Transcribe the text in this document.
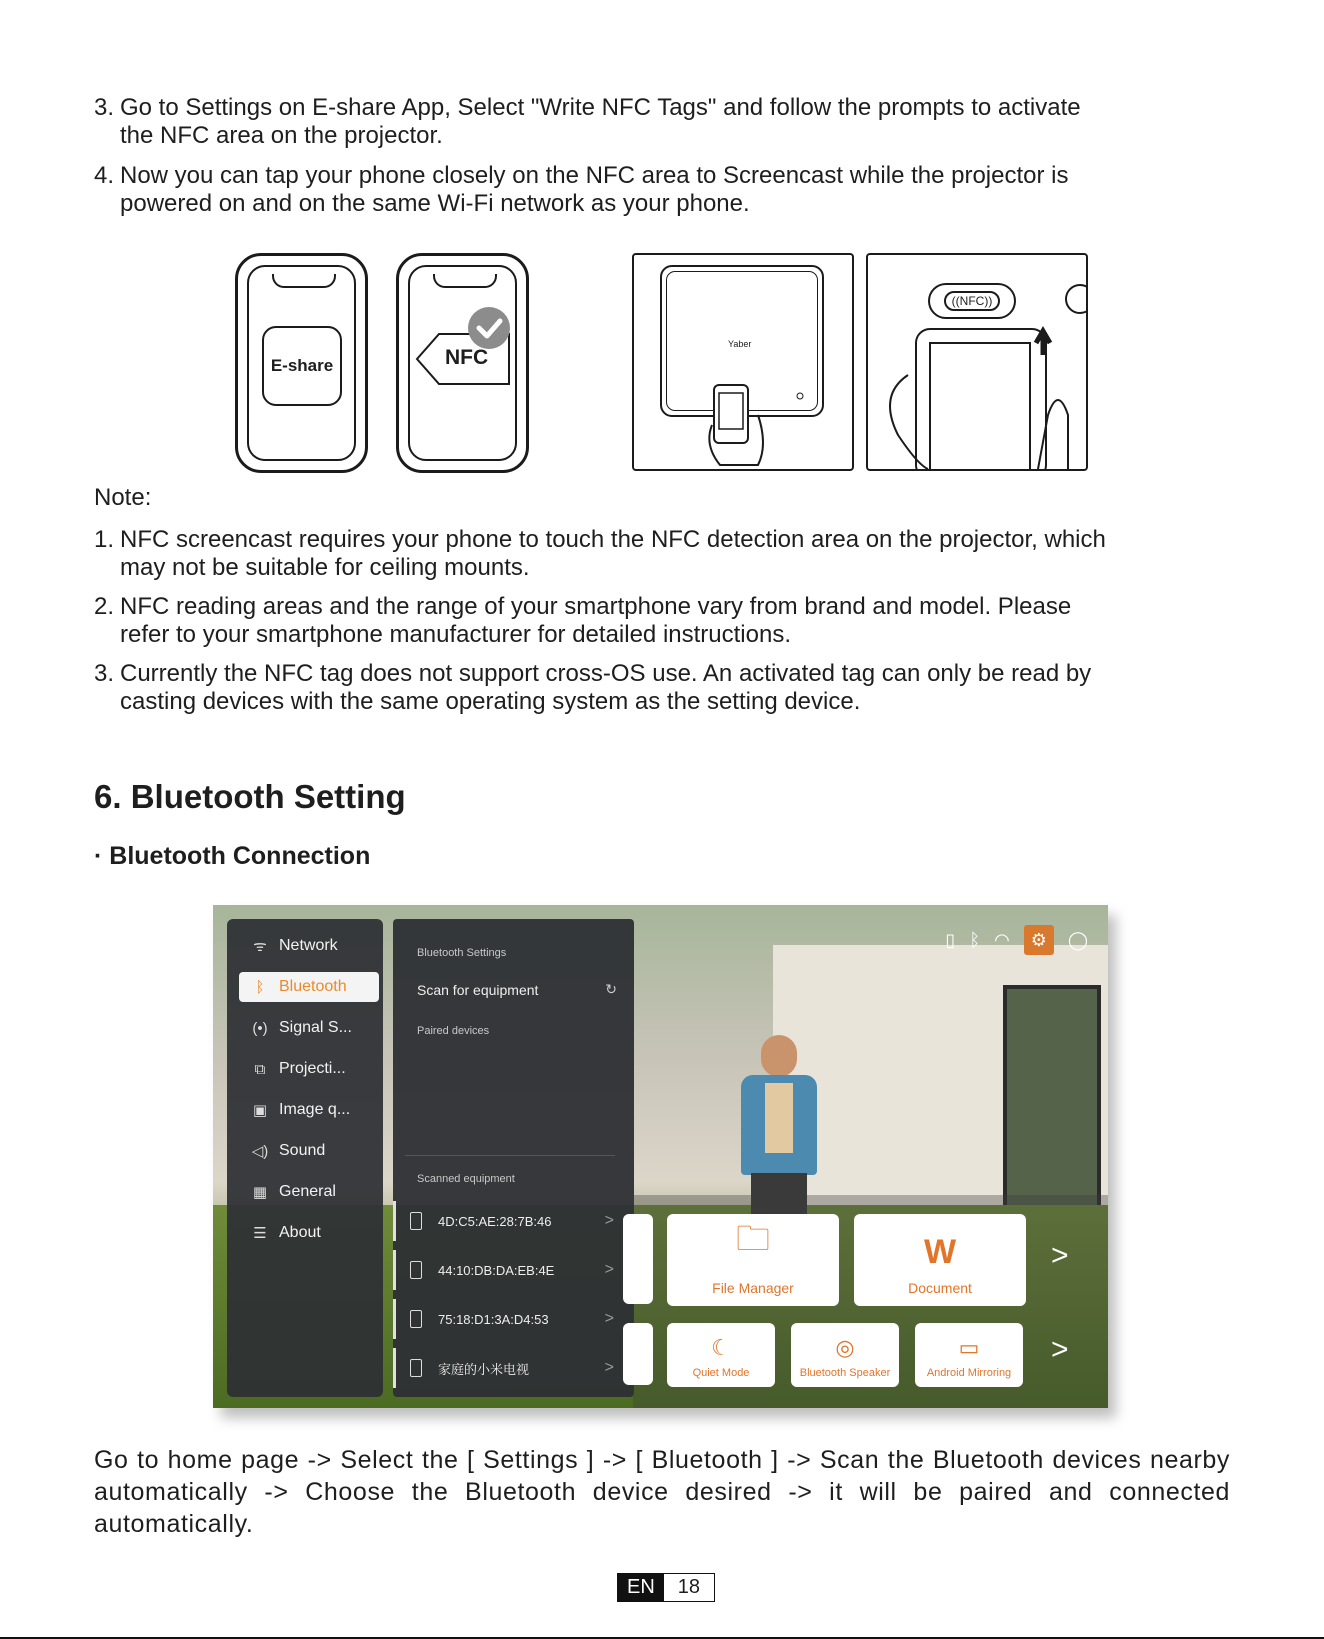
3. Go to Settings on E-share App, Select "Write NFC Tags" and follow the prompts to activate
the NFC area on the projector.
4. Now you can tap your phone closely on the NFC area to Screencast while the projector is
powered on and on the same Wi-Fi network as your phone.
E-share	NFC
Yaber
((NFC))
Note:
1. NFC screencast requires your phone to touch the NFC detection area on the projector, which
may not be suitable for ceiling mounts.
2. NFC reading areas and the range of your smartphone vary from brand and model. Please
refer to your smartphone manufacturer for detailed instructions.
3. Currently the NFC tag does not support cross-OS use. An activated tag can only be read by
casting devices with the same operating system as the setting device.
6. Bluetooth Setting
· Bluetooth Connection
▯ ᛒ ◠	⚙	◯
ᯤ Network
ᛒ Bluetooth
(•) Signal S...
⧉ Projecti...
▣ Image q...
◁) Sound
▦ General
☰ About
Bluetooth Settings
Scan for equipment	↻
Paired devices
Scanned equipment
4D:C5:AE:28:7B:46	>
44:10:DB:DA:EB:4E	>
75:18:D1:3A:D4:53	>
家庭的小米电视	>
🗀
File Manager
W
Document
>
☾
Quiet Mode
◎
Bluetooth Speaker
▭
Android Mirroring
>
Go to home page -> Select the [ Settings ] -> [ Bluetooth ] -> Scan the Bluetooth devices nearby automatically -> Choose the Bluetooth device desired -> it will be paired and connected automatically.
EN	18
